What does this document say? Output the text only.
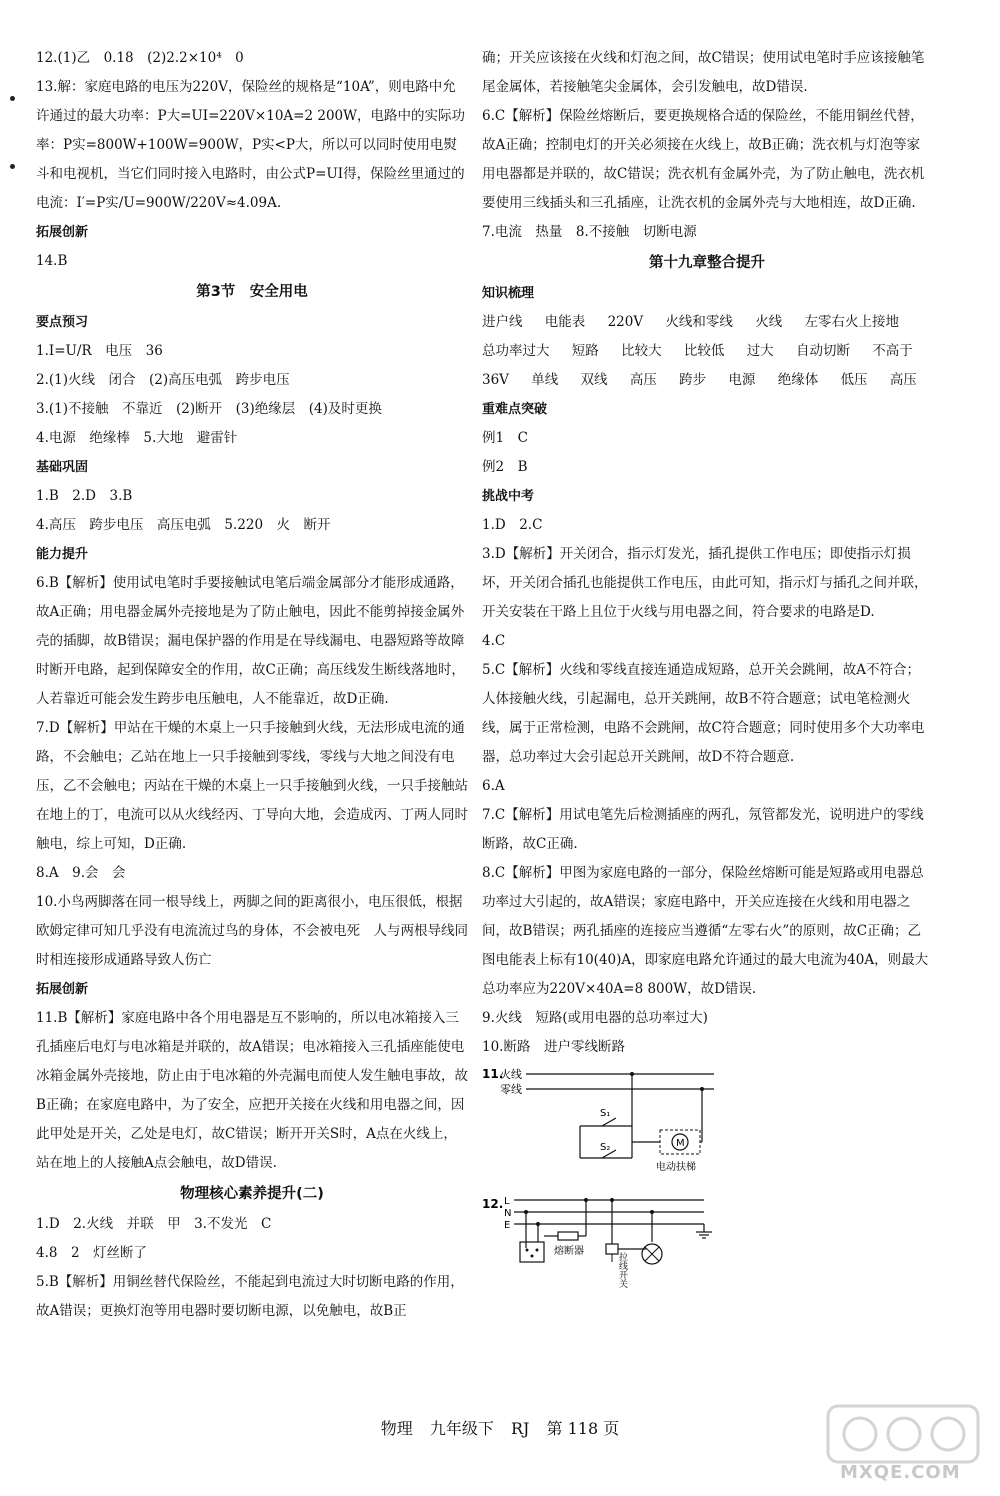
12.(1)乙　0.18　(2)2.2×10⁴　0

13.解：家庭电路的电压为220V，保险丝的规格是“10A”，则电路中允许通过的最大功率：P大=UI=220V×10A=2 200W，电路中的实际功率：P实=800W+100W=900W，P实<P大，所以可以同时使用电熨斗和电视机，当它们同时接入电路时，由公式P=UI得，保险丝里通过的电流：I′=P实/U=900W/220V≈4.09A.

拓展创新

14.B

第3节　安全用电

要点预习

1.I=U/R　电压　36

2.(1)火线　闭合　(2)高压电弧　跨步电压

3.(1)不接触　不靠近　(2)断开　(3)绝缘层　(4)及时更换

4.电源　绝缘棒　5.大地　避雷针

基础巩固

1.B　2.D　3.B

4.高压　跨步电压　高压电弧　5.220　火　断开

能力提升

6.B【解析】使用试电笔时手要接触试电笔后端金属部分才能形成通路，故A正确；用电器金属外壳接地是为了防止触电，因此不能剪掉接金属外壳的插脚，故B错误；漏电保护器的作用是在导线漏电、电器短路等故障时断开电路，起到保障安全的作用，故C正确；高压线发生断线落地时，人若靠近可能会发生跨步电压触电，人不能靠近，故D正确.

7.D【解析】甲站在干燥的木桌上一只手接触到火线，无法形成电流的通路，不会触电；乙站在地上一只手接触到零线，零线与大地之间没有电压，乙不会触电；丙站在干燥的木桌上一只手接触到火线，一只手接触站在地上的丁，电流可以从火线经丙、丁导向大地，会造成丙、丁两人同时触电，综上可知，D正确.

8.A　9.会　会

10.小鸟两脚落在同一根导线上，两脚之间的距离很小，电压很低，根据欧姆定律可知几乎没有电流流过鸟的身体，不会被电死　人与两根导线同时相连接形成通路导致人伤亡

拓展创新

11.B【解析】家庭电路中各个用电器是互不影响的，所以电冰箱接入三孔插座后电灯与电冰箱是并联的，故A错误；电冰箱接入三孔插座能使电冰箱金属外壳接地，防止由于电冰箱的外壳漏电而使人发生触电事故，故B正确；在家庭电路中，为了安全，应把开关接在火线和用电器之间，因此甲处是开关，乙处是电灯，故C错误；断开开关S时，A点在火线上，站在地上的人接触A点会触电，故D错误.

物理核心素养提升(二)

1.D　2.火线　并联　甲　3.不发光　C

4.8　2　灯丝断了

5.B【解析】用铜丝替代保险丝，不能起到电流过大时切断电路的作用，故A错误；更换灯泡等用电器时要切断电源，以免触电，故B正

确；开关应该接在火线和灯泡之间，故C错误；使用试电笔时手应该接触笔尾金属体，若接触笔尖金属体，会引发触电，故D错误.

6.C【解析】保险丝熔断后，要更换规格合适的保险丝，不能用铜丝代替，故A正确；控制电灯的开关必须接在火线上，故B正确；洗衣机与灯泡等家用电器都是并联的，故C错误；洗衣机有金属外壳，为了防止触电，洗衣机要使用三线插头和三孔插座，让洗衣机的金属外壳与大地相连，故D正确.

7.电流　热量　8.不接触　切断电源

第十九章整合提升

知识梳理

进户线 电能表 220V 火线和零线 火线 左零右火上接地

总功率过大 短路 比较大 比较低 过大 自动切断 不高于

36V 单线 双线 高压 跨步 电源 绝缘体 低压 高压

重难点突破

例1　C

例2　B

挑战中考

1.D　2.C

3.D【解析】开关闭合，指示灯发光，插孔提供工作电压；即使指示灯损坏，开关闭合插孔也能提供工作电压，由此可知，指示灯与插孔之间并联，开关安装在干路上且位于火线与用电器之间，符合要求的电路是D.

4.C

5.C【解析】火线和零线直接连通造成短路，总开关会跳闸，故A不符合；人体接触火线，引起漏电，总开关跳闸，故B不符合题意；试电笔检测火线，属于正常检测，电路不会跳闸，故C符合题意；同时使用多个大功率电器，总功率过大会引起总开关跳闸，故D不符合题意.

6.A

7.C【解析】用试电笔先后检测插座的两孔，氖管都发光，说明进户的零线断路，故C正确.

8.C【解析】甲图为家庭电路的一部分，保险丝熔断可能是短路或用电器总功率过大引起的，故A错误；家庭电路中，开关应连接在火线和用电器之间，故B错误；两孔插座的连接应当遵循“左零右火”的原则，故C正确；乙图电能表上标有10(40)A，即家庭电路允许通过的最大电流为40A，则最大总功率应为220V×40A=8 800W，故D错误.

9.火线　短路(或用电器的总功率过大)

10.断路　进户零线断路

11.
火线
零线
S₁
S₂	M
电动扶梯
12. L
N
E
熔断器
拉线开关
物理 九年级下 RJ 第 118 页
MXQE.COM
